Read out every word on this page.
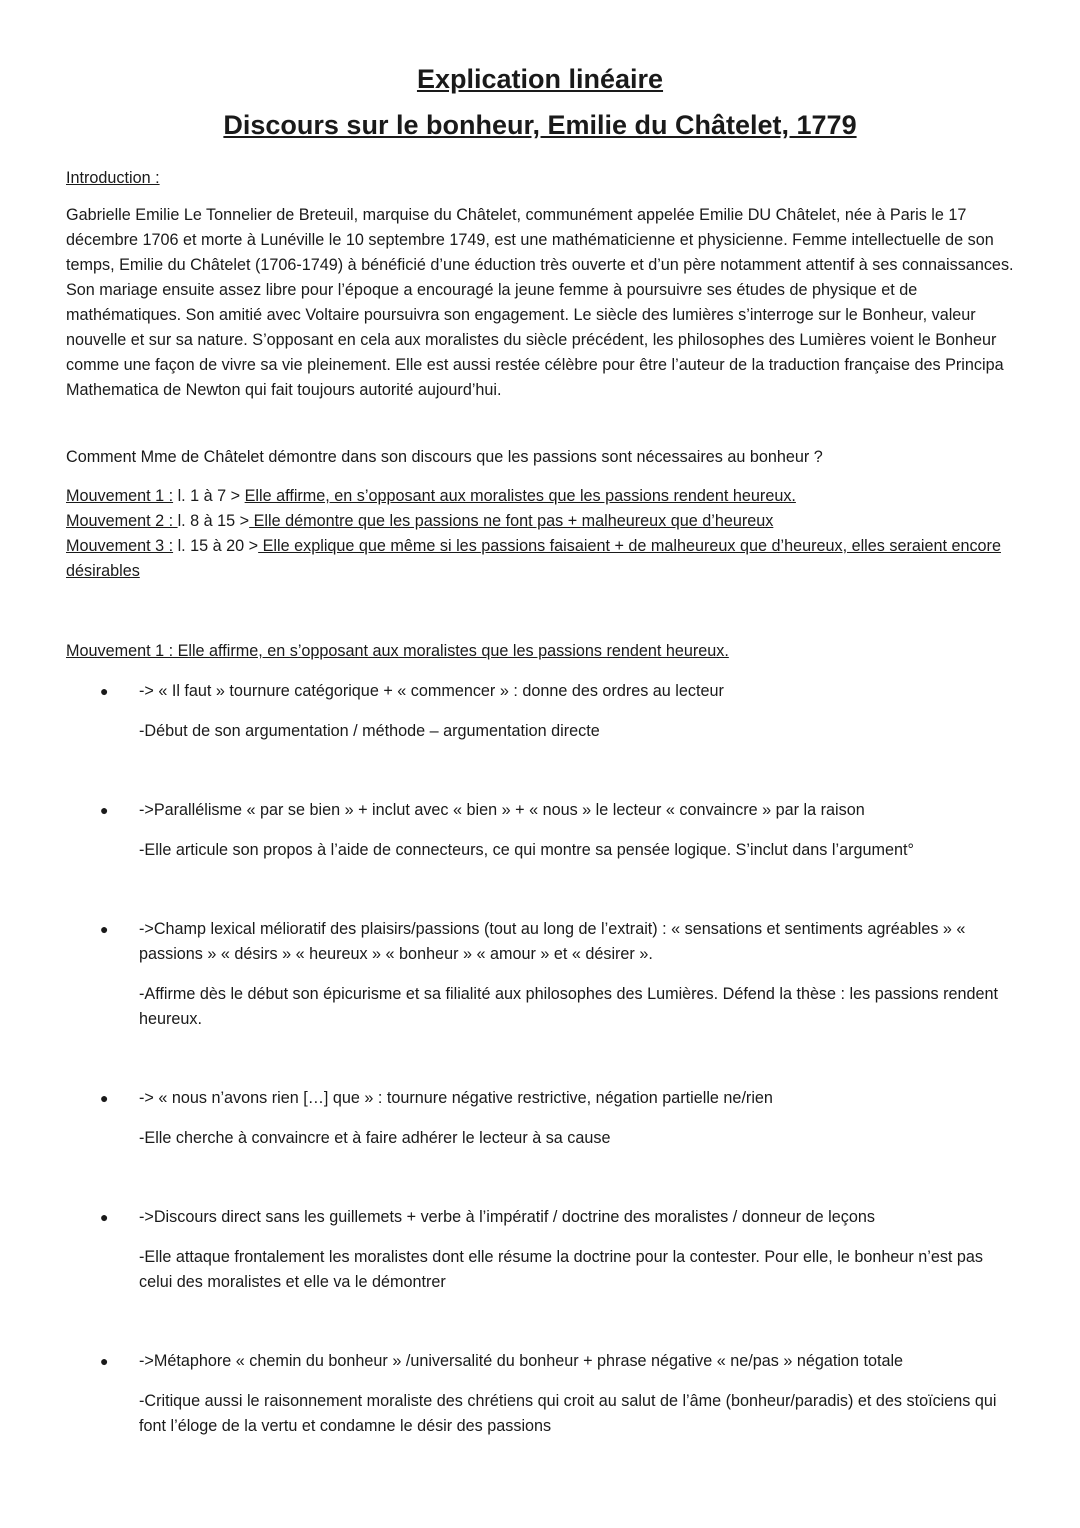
Explication linéaire
Discours sur le bonheur, Emilie du Châtelet, 1779

Introduction :

Gabrielle Emilie Le Tonnelier de Breteuil, marquise du Châtelet, communément appelée Emilie DU Châtelet, née à Paris le 17 décembre 1706 et morte à Lunéville le 10 septembre 1749, est une mathématicienne et physicienne. Femme intellectuelle de son temps, Emilie du Châtelet (1706-1749) à bénéficié d’une éduction très ouverte et d’un père notamment attentif à ses connaissances. Son mariage ensuite assez libre pour l’époque a encouragé la jeune femme à poursuivre ses études de physique et de mathématiques. Son amitié avec Voltaire poursuivra son engagement. Le siècle des lumières s’interroge sur le Bonheur, valeur nouvelle et sur sa nature. S’opposant en cela aux moralistes du siècle précédent, les philosophes des Lumières voient le Bonheur comme une façon de vivre sa vie pleinement. Elle est aussi restée célèbre pour être l’auteur de la traduction française des Principa Mathematica de Newton qui fait toujours autorité aujourd’hui.

Comment Mme de Châtelet démontre dans son discours que les passions sont nécessaires au bonheur ?

Mouvement 1 : l. 1 à 7 > Elle affirme, en s’opposant aux moralistes que les passions rendent heureux.
Mouvement 2 : l. 8 à 15 > Elle démontre que les passions ne font pas + malheureux que d’heureux
Mouvement 3 : l. 15 à 20 > Elle explique que même si les passions faisaient + de malheureux que d’heureux, elles seraient encore désirables

Mouvement 1 : Elle affirme, en s’opposant aux moralistes que les passions rendent heureux.

● -> « Il faut » tournure catégorique + « commencer » : donne des ordres au lecteur

-Début de son argumentation / méthode – argumentation directe

● ->Parallélisme « par se bien » + inclut avec « bien » + « nous » le lecteur « convaincre » par la raison

-Elle articule son propos à l’aide de connecteurs, ce qui montre sa pensée logique. S’inclut dans l’argument°

● ->Champ lexical mélioratif des plaisirs/passions (tout au long de l’extrait) : « sensations et sentiments agréables » « passions » « désirs » « heureux » « bonheur » « amour » et « désirer ».

-Affirme dès le début son épicurisme et sa filialité aux philosophes des Lumières. Défend la thèse : les passions rendent heureux.

● -> « nous n’avons rien […] que » : tournure négative restrictive, négation partielle ne/rien

-Elle cherche à convaincre et à faire adhérer le lecteur à sa cause

● ->Discours direct sans les guillemets + verbe à l’impératif / doctrine des moralistes / donneur de leçons

-Elle attaque frontalement les moralistes dont elle résume la doctrine pour la contester. Pour elle, le bonheur n’est pas celui des moralistes et elle va le démontrer

● ->Métaphore « chemin du bonheur » /universalité du bonheur + phrase négative « ne/pas » négation totale

-Critique aussi le raisonnement moraliste des chrétiens qui croit au salut de l’âme (bonheur/paradis) et des stoïciens qui font l’éloge de la vertu et condamne le désir des passions
